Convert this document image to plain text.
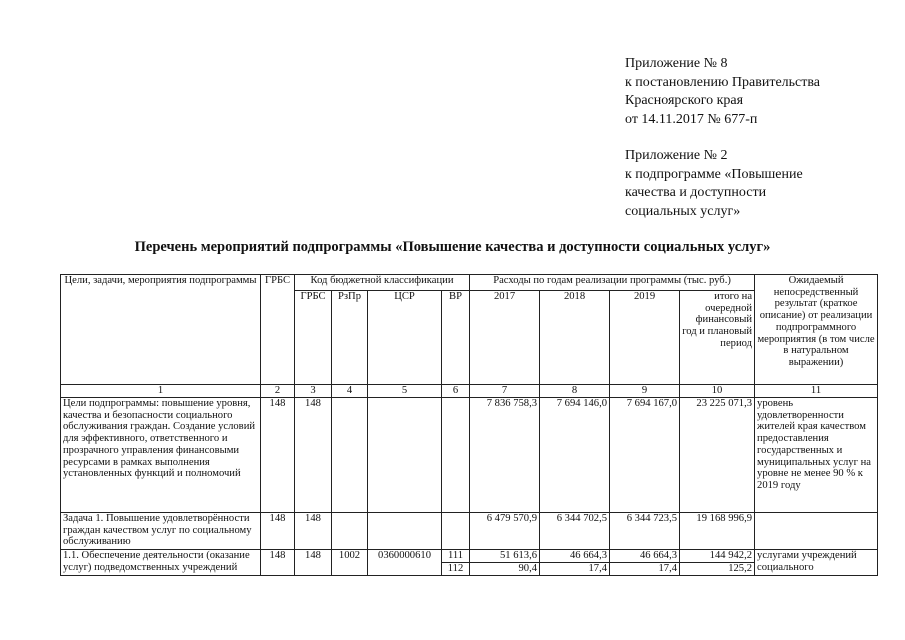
Приложение № 8
к постановлению Правительства
Красноярского края
от 14.11.2017 № 677-п
Приложение № 2
к подпрограмме «Повышение
качества и доступности
социальных услуг»
Перечень мероприятий подпрограммы «Повышение качества и доступности социальных услуг»
Цели, задачи, мероприятия подпрограммы	ГРБС	Код бюджетной классификации				Расходы по годам реализации программы (тыс. руб.)				Ожидаемый непосредственный результат (краткое описание) от реализации подпрограммного мероприятия (в том числе в натуральном выражении)
		ГРБС	РзПр	ЦСР	ВР	2017	2018	2019	итого на очередной финансовый год и плановый период	
1	2	3	4	5	6	7	8	9	10	11
Цели подпрограммы: повышение уровня, качества и безопасности социального обслуживания граждан. Создание условий для эффективного, ответственного и прозрачного управления финансовыми ресурсами в рамках выполнения установленных функций и полномочий	148	148				7 836 758,3	7 694 146,0	7 694 167,0	23 225 071,3	уровень удовлетворенности жителей края качеством предоставления государственных и муниципальных услуг на уровне не менее 90 % к 2019 году
Задача 1. Повышение удовлетворённости граждан качеством услуг по социальному обслуживанию	148	148				6 479 570,9	6 344 702,5	6 344 723,5	19 168 996,9	
1.1. Обеспечение деятельности (оказание услуг) подведомственных учреждений	148	148	1002	0360000610	111	51 613,6	46 664,3	46 664,3	144 942,2	услугами учреждений социального
					112	90,4	17,4	17,4	125,2	
